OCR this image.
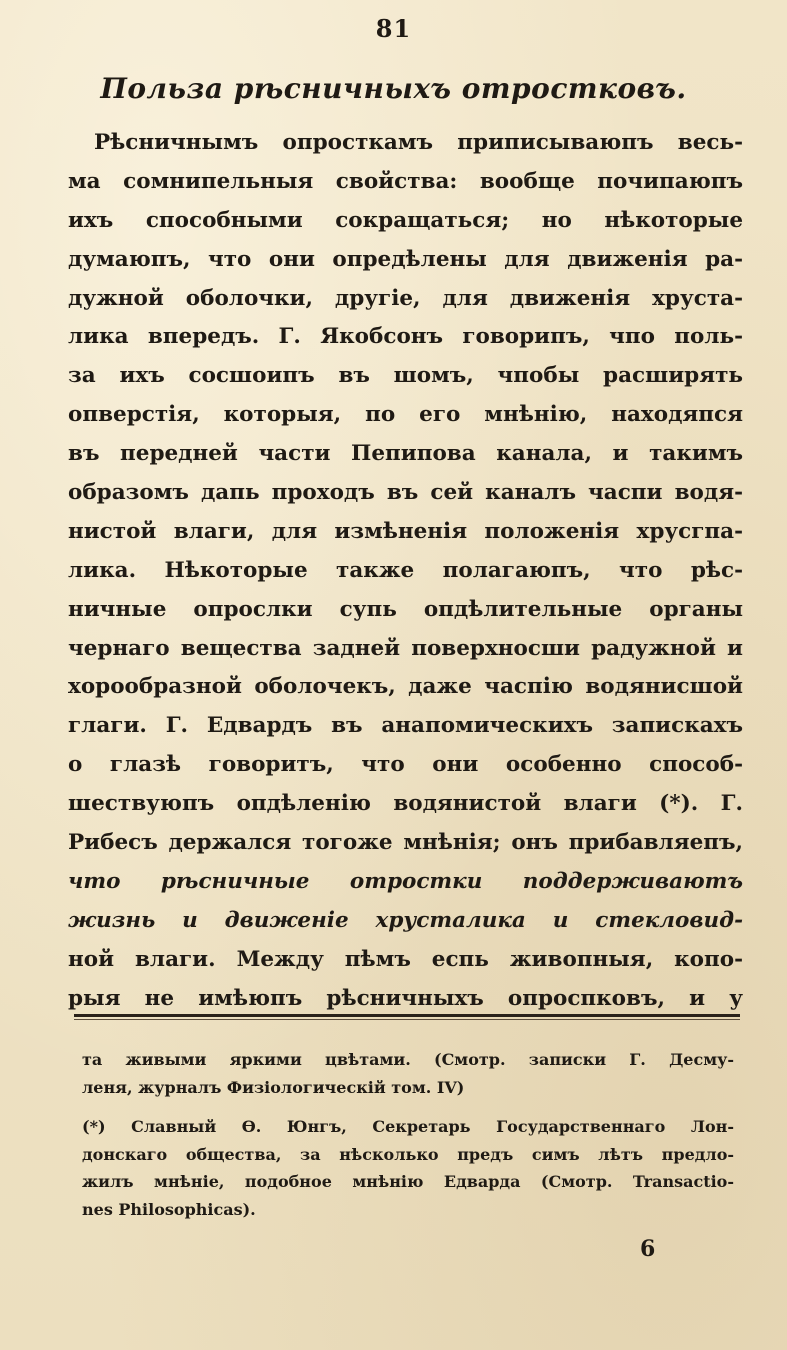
81
Польза рѣсничныхъ отростковъ.
Рѣсничнымъ опросткамъ приписываюпъ весь-
ма сомнипельныя свойства: вообще почипаюпъ
ихъ способными сокращаться; но нѣкоторые
думаюпъ, что они опредѣлены для движенія ра-
дужной оболочки, другіе, для движенія хруста-
лика впередъ. Г. Якобсонъ говорипъ, чпо поль-
за ихъ сосшоипъ въ шомъ, чпобы расширять
опверстія, которыя, по его мнѣнію, находяпся
въ передней части Пепипова канала, и такимъ
образомъ дапь проходъ въ сей каналъ часпи водя-
нистой влаги, для измѣненія положенія хрусгпа-
лика. Нѣкоторые также полагаюпъ, что рѣс-
ничные опрослки супь опдѣлительные органы
чернаго вещества задней поверхносши радужной и
хорообразной оболочекъ, даже часпію водянисшой
глаги. Г. Едвардъ въ анапомическихъ запискахъ
о глазѣ говоритъ, что они особенно способ-
шествуюпъ опдѣленію водянистой влаги (*). Г.
Рибесъ держался тогоже мнѣнія; онъ прибавляепъ,
что рѣсничные отростки поддерживаютъ
жизнь и движеніе хрусталика и стекловид-
ной влаги. Между пѣмъ еспь живопныя, копо-
рыя не имѣюпъ рѣсничныхъ опроспковъ, и у
та живыми яркими цвѣтами. (Смотр. записки Г. Десму-
леня, журналъ Физіологическій том. IV)
(*) Славный Ѳ. Юнгъ, Секретарь Государственнаго Лон-
донскаго общества, за нѣсколько предъ симъ лѣтъ предло-
жилъ мнѣніе, подобное мнѣнію Едварда (Смотр. Transactio-
nes Philosophicas).
6
